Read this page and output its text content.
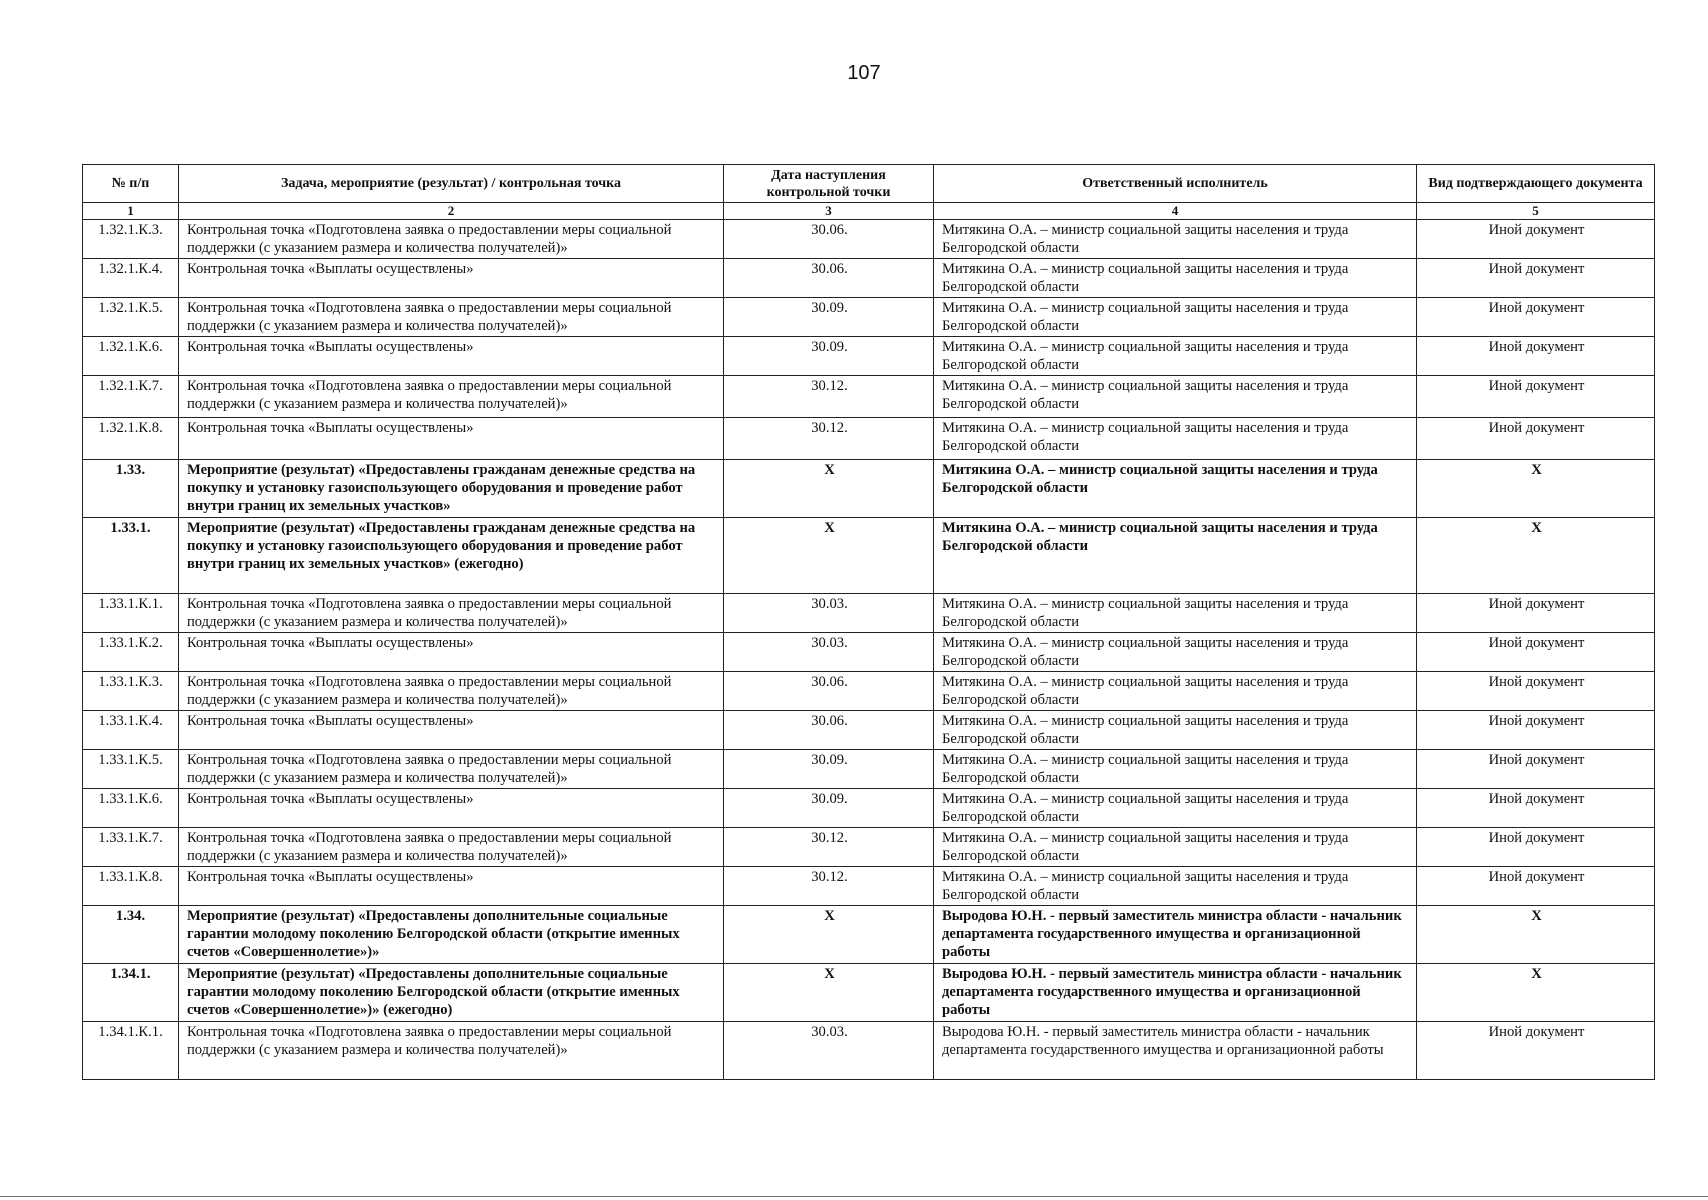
107
№ п/п	Задача, мероприятие (результат) / контрольная точка	Дата наступления контрольной точки	Ответственный исполнитель	Вид подтверждающего документа
1	2	3	4	5
1.32.1.К.3.	Контрольная точка «Подготовлена заявка о предоставлении меры социальной поддержки (с указанием размера и количества получателей)»	30.06.	Митякина О.А. – министр социальной защиты населения и труда Белгородской области	Иной документ
1.32.1.К.4.	Контрольная точка «Выплаты осуществлены»	30.06.	Митякина О.А. – министр социальной защиты населения и труда Белгородской области	Иной документ
1.32.1.К.5.	Контрольная точка «Подготовлена заявка о предоставлении меры социальной поддержки (с указанием размера и количества получателей)»	30.09.	Митякина О.А. – министр социальной защиты населения и труда Белгородской области	Иной документ
1.32.1.К.6.	Контрольная точка «Выплаты осуществлены»	30.09.	Митякина О.А. – министр социальной защиты населения и труда Белгородской области	Иной документ
1.32.1.К.7.	Контрольная точка «Подготовлена заявка о предоставлении меры социальной поддержки (с указанием размера и количества получателей)»	30.12.	Митякина О.А. – министр социальной защиты населения и труда Белгородской области	Иной документ
1.32.1.К.8.	Контрольная точка «Выплаты осуществлены»	30.12.	Митякина О.А. – министр социальной защиты населения и труда Белгородской области	Иной документ
1.33.	Мероприятие (результат) «Предоставлены гражданам денежные средства на покупку и установку газоиспользующего оборудования и проведение работ внутри границ их земельных участков»	Х	Митякина О.А. – министр социальной защиты населения и труда Белгородской области	Х
1.33.1.	Мероприятие (результат) «Предоставлены гражданам денежные средства на покупку и установку газоиспользующего оборудования и проведение работ внутри границ их земельных участков» (ежегодно)	Х	Митякина О.А. – министр социальной защиты населения и труда Белгородской области	Х
1.33.1.К.1.	Контрольная точка «Подготовлена заявка о предоставлении меры социальной поддержки (с указанием размера и количества получателей)»	30.03.	Митякина О.А. – министр социальной защиты населения и труда Белгородской области	Иной документ
1.33.1.К.2.	Контрольная точка «Выплаты осуществлены»	30.03.	Митякина О.А. – министр социальной защиты населения и труда Белгородской области	Иной документ
1.33.1.К.3.	Контрольная точка «Подготовлена заявка о предоставлении меры социальной поддержки (с указанием размера и количества получателей)»	30.06.	Митякина О.А. – министр социальной защиты населения и труда Белгородской области	Иной документ
1.33.1.К.4.	Контрольная точка «Выплаты осуществлены»	30.06.	Митякина О.А. – министр социальной защиты населения и труда Белгородской области	Иной документ
1.33.1.К.5.	Контрольная точка «Подготовлена заявка о предоставлении меры социальной поддержки (с указанием размера и количества получателей)»	30.09.	Митякина О.А. – министр социальной защиты населения и труда Белгородской области	Иной документ
1.33.1.К.6.	Контрольная точка «Выплаты осуществлены»	30.09.	Митякина О.А. – министр социальной защиты населения и труда Белгородской области	Иной документ
1.33.1.К.7.	Контрольная точка «Подготовлена заявка о предоставлении меры социальной поддержки (с указанием размера и количества получателей)»	30.12.	Митякина О.А. – министр социальной защиты населения и труда Белгородской области	Иной документ
1.33.1.К.8.	Контрольная точка «Выплаты осуществлены»	30.12.	Митякина О.А. – министр социальной защиты населения и труда Белгородской области	Иной документ
1.34.	Мероприятие (результат) «Предоставлены дополнительные социальные гарантии молодому поколению Белгородской области (открытие именных счетов «Совершеннолетие»)»	Х	Выродова Ю.Н. - первый заместитель министра области - начальник департамента государственного имущества и организационной работы	Х
1.34.1.	Мероприятие (результат) «Предоставлены дополнительные социальные гарантии молодому поколению Белгородской области (открытие именных счетов «Совершеннолетие»)» (ежегодно)	Х	Выродова Ю.Н. - первый заместитель министра области - начальник департамента государственного имущества и организационной работы	Х
1.34.1.К.1.	Контрольная точка «Подготовлена заявка о предоставлении меры социальной поддержки (с указанием размера и количества получателей)»	30.03.	Выродова Ю.Н. - первый заместитель министра области - начальник департамента государственного имущества и организационной работы	Иной документ
